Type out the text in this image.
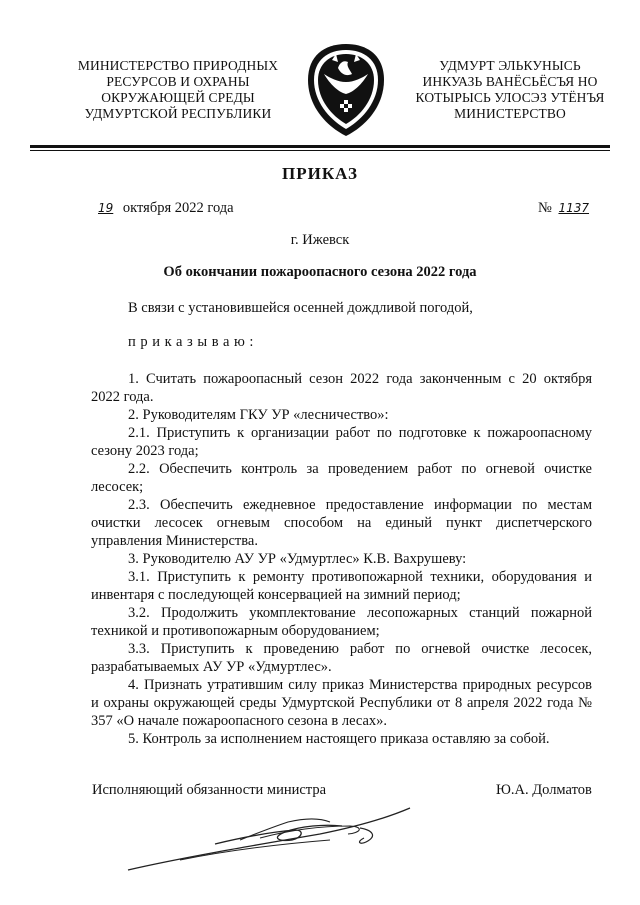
МИНИСТЕРСТВО ПРИРОДНЫХ
РЕСУРСОВ И ОХРАНЫ
ОКРУЖАЮЩЕЙ СРЕДЫ
УДМУРТСКОЙ РЕСПУБЛИКИ
УДМУРТ ЭЛЬКУНЫСЬ
ИНКУАЗЬ ВАНЁСЬЁСЪЯ НО
КОТЫРЫСЬ УЛОСЭЗ УТЁНЪЯ
МИНИСТЕРСТВО
ПРИКАЗ
19 октября 2022 года	№ 1137
г. Ижевск
Об окончании пожароопасного сезона 2022 года
В связи с установившейся осенней дождливой погодой,
приказываю:

1. Считать пожароопасный сезон 2022 года законченным с 20 октября 2022 года.

2. Руководителям ГКУ УР «лесничество»:

2.1. Приступить к организации работ по подготовке к пожароопасному сезону 2023 года;

2.2. Обеспечить контроль за проведением работ по огневой очистке лесосек;

2.3. Обеспечить ежедневное предоставление информации по местам очистки лесосек огневым способом на единый пункт диспетчерского управления Министерства.

3. Руководителю АУ УР «Удмуртлес» К.В. Вахрушеву:

3.1. Приступить к ремонту противопожарной техники, оборудования и инвентаря с последующей консервацией на зимний период;

3.2. Продолжить укомплектование лесопожарных станций пожарной техникой и противопожарным оборудованием;

3.3. Приступить к проведению работ по огневой очистке лесосек, разрабатываемых АУ УР «Удмуртлес».

4. Признать утратившим силу приказ Министерства природных ресурсов и охраны окружающей среды Удмуртской Республики от 8 апреля 2022 года № 357 «О начале пожароопасного сезона в лесах».

5. Контроль за исполнением настоящего приказа оставляю за собой.

Исполняющий обязанности министра	Ю.А. Долматов
